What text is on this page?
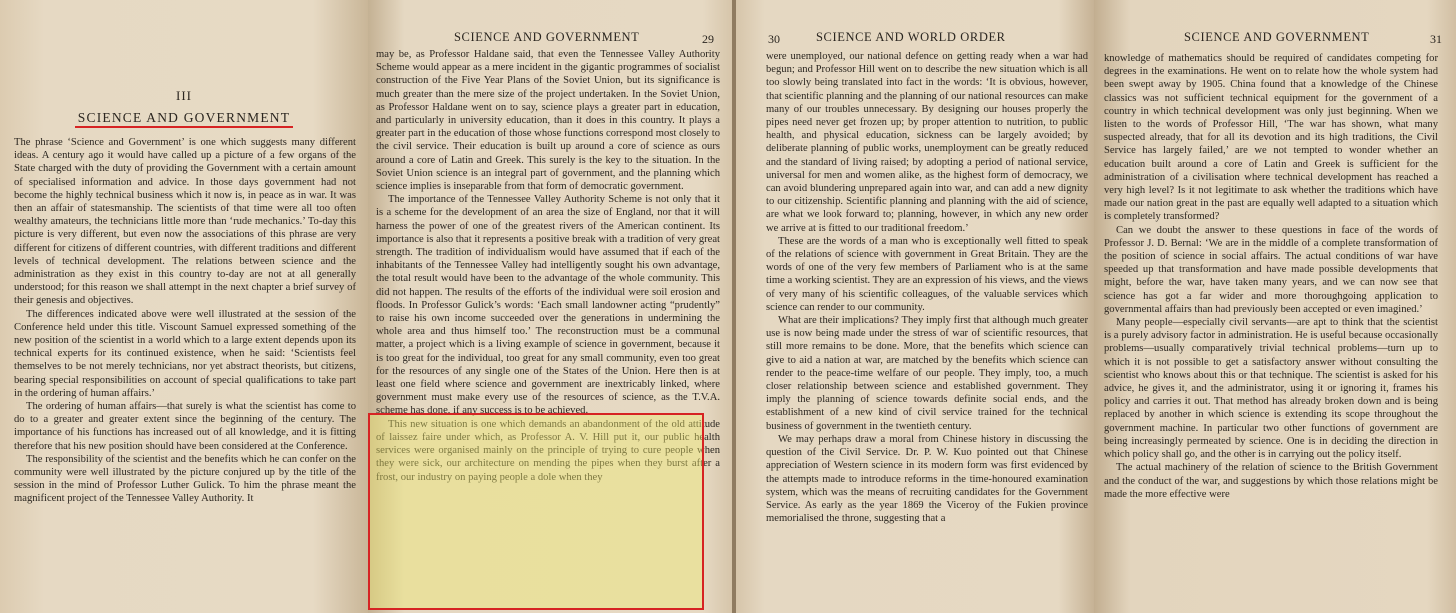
III
SCIENCE AND GOVERNMENT

The phrase ‘Science and Government’ is one which suggests many different ideas. A century ago it would have called up a picture of a few organs of the State charged with the duty of providing the Government with a certain amount of specialised information and advice. In those days government had not become the highly technical business which it now is, in peace as in war. It was then an affair of statesmanship. The scientists of that time were all too often wealthy amateurs, the technicians little more than ‘rude mechanics.’ To-day this picture is very different, but even now the associations of this phrase are very different for citizens of different countries, with different traditions and different levels of technical development. The relations between science and the administration as they exist in this country to-day are not at all generally understood; for this reason we shall attempt in the next chapter a brief survey of their genesis and objectives.

The differences indicated above were well illustrated at the session of the Conference held under this title. Viscount Samuel expressed something of the new position of the scientist in a world which to a large extent depends upon its technical experts for its continued existence, when he said: ‘Scientists feel themselves to be not merely technicians, nor yet abstract theorists, but citizens, bearing special responsibilities on account of special qualifications to take part in the ordering of human affairs.’

The ordering of human affairs—that surely is what the scientist has come to do to a greater and greater extent since the beginning of the century. The importance of his functions has increased out of all knowledge, and it is fitting therefore that his new position should have been considered at the Conference.

The responsibility of the scientist and the benefits which he can confer on the community were well illustrated by the picture conjured up by the title of the session in the mind of Professor Luther Gulick. To him the phrase meant the magnificent project of the Tennessee Valley Authority. It

SCIENCE AND GOVERNMENT	29

may be, as Professor Haldane said, that even the Tennessee Valley Authority Scheme would appear as a mere incident in the gigantic programmes of socialist construction of the Five Year Plans of the Soviet Union, but its significance is much greater than the mere size of the project undertaken. In the Soviet Union, as Professor Haldane went on to say, science plays a greater part in education, and particularly in university education, than it does in this country. It plays a greater part in the education of those whose functions correspond most closely to the civil service. Their education is built up around a core of science as ours around a core of Latin and Greek. This surely is the key to the situation. In the Soviet Union science is an integral part of government, and the planning which science implies is inseparable from that form of democratic government.

The importance of the Tennessee Valley Authority Scheme is not only that it is a scheme for the development of an area the size of England, nor that it will harness the power of one of the greatest rivers of the American continent. Its importance is also that it represents a positive break with a tradition of very great strength. The tradition of individualism would have assumed that if each of the inhabitants of the Tennessee Valley had intelligently sought his own advantage, the total result would have been to the advantage of the whole community. This did not happen. The results of the efforts of the individual were soil erosion and floods. In Professor Gulick’s words: ‘Each small landowner acting “prudently” to raise his own income succeeded over the generations in undermining the whole area and thus himself too.’ The reconstruction must be a communal matter, a project which is a living example of science in government, because it is too great for the individual, too great for any small community, even too great for the resources of any single one of the States of the Union. Here then is at least one field where science and government are inextricably linked, where government must make every use of the resources of science, as the T.V.A. scheme has done, if any success is to be achieved.

This new situation is one which demands an abandonment of the old attitude of laissez faire under which, as Professor A. V. Hill put it, our public health services were organised mainly on the principle of trying to cure people when they were sick, our architecture on mending the pipes when they burst after a frost, our industry on paying people a dole when they

30	SCIENCE AND WORLD ORDER

were unemployed, our national defence on getting ready when a war had begun; and Professor Hill went on to describe the new situation which is all too slowly being translated into fact in the words: ‘It is obvious, however, that scientific planning and the planning of our national resources can make many of our troubles unnecessary. By designing our houses properly the pipes need never get frozen up; by proper attention to nutrition, to public health, and physical education, sickness can be largely avoided; by deliberate planning of public works, unemployment can be greatly reduced and the standard of living raised; by adopting a period of national service, universal for men and women alike, as the highest form of democracy, we can avoid blundering unprepared again into war, and can add a new dignity to our citizenship. Scientific planning and planning with the aid of science, are what we look forward to; planning, however, in which any new order we arrive at is fitted to our traditional freedom.’

These are the words of a man who is exceptionally well fitted to speak of the relations of science with government in Great Britain. They are the words of one of the very few members of Parliament who is at the same time a working scientist. They are an expression of his views, and the views of very many of his scientific colleagues, of the valuable services which science can render to our community.

What are their implications? They imply first that although much greater use is now being made under the stress of war of scientific resources, that still more remains to be done. More, that the benefits which science can give to aid a nation at war, are matched by the benefits which science can render to the peace-time welfare of our people. They imply, too, a much closer relationship between science and established government. They imply the planning of science towards definite social ends, and the establishment of a new kind of civil service trained for the technical business of government in the twentieth century.

We may perhaps draw a moral from Chinese history in discussing the question of the Civil Service. Dr. P. W. Kuo pointed out that Chinese appreciation of Western science in its modern form was first evidenced by the attempts made to introduce reforms in the time-honoured examination system, which was the means of recruiting candidates for the Government Service. As early as the year 1869 the Viceroy of the Fukien province memorialised the throne, suggesting that a

SCIENCE AND GOVERNMENT	31

knowledge of mathematics should be required of candidates competing for degrees in the examinations. He went on to relate how the whole system had been swept away by 1905. China found that a knowledge of the Chinese classics was not sufficient technical equipment for the government of a country in which technical development was only just beginning. When we listen to the words of Professor Hill, ‘The war has shown, what many suspected already, that for all its devotion and its high traditions, the Civil Service has largely failed,’ are we not tempted to wonder whether an education built around a core of Latin and Greek is sufficient for the administration of a civilisation where technical development has reached a very high level? Is it not legitimate to ask whether the traditions which have made our nation great in the past are equally well adapted to a situation which is completely transformed?

Can we doubt the answer to these questions in face of the words of Professor J. D. Bernal: ‘We are in the middle of a complete transformation of the position of science in social affairs. The actual conditions of war have speeded up that transformation and have made possible developments that might, before the war, have taken many years, and we can now see that science has got a far wider and more thoroughgoing application to governmental affairs than had previously been accepted or even imagined.’

Many people—especially civil servants—are apt to think that the scientist is a purely advisory factor in administration. He is useful because occasionally problems—usually comparatively trivial technical problems—turn up to which it is not possible to get a satisfactory answer without consulting the scientist who knows about this or that technique. The scientist is asked for his advice, he gives it, and the administrator, using it or ignoring it, frames his policy and carries it out. That method has already broken down and is being replaced by another in which science is extending its scope throughout the government machine. In particular two other functions of government are being increasingly permeated by science. One is in deciding the direction in which policy shall go, and the other is in carrying out the policy itself.

The actual machinery of the relation of science to the British Government and the conduct of the war, and suggestions by which those relations might be made the more effective were
